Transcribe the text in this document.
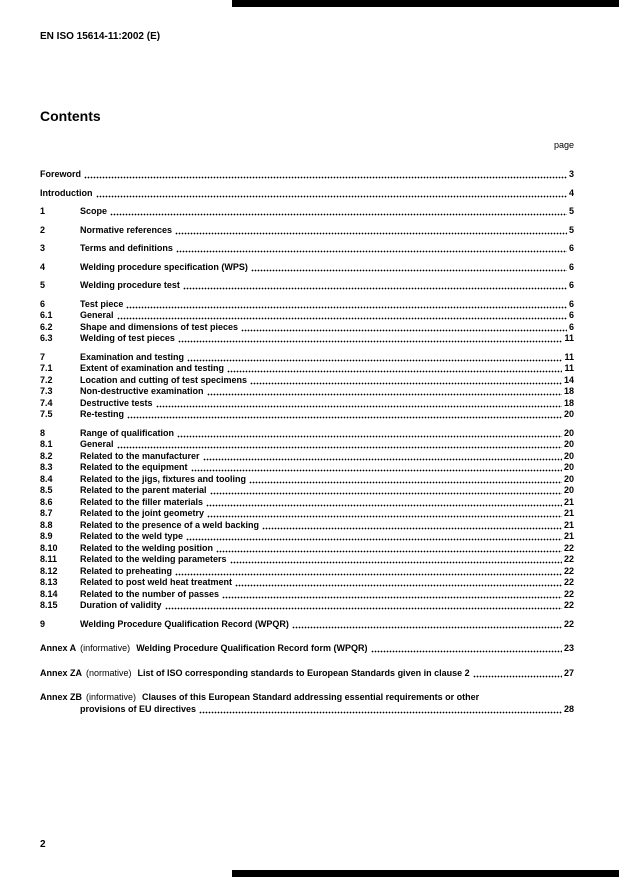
EN ISO 15614-11:2002 (E)
Contents
page
Foreword	3
Introduction	4
1	Scope	5
2	Normative references	5
3	Terms and definitions	6
4	Welding procedure specification (WPS)	6
5	Welding procedure test	6
6	Test piece	6
6.1	General	6
6.2	Shape and dimensions of test pieces	6
6.3	Welding of test pieces	11
7	Examination and testing	11
7.1	Extent of examination and testing	11
7.2	Location and cutting of test specimens	14
7.3	Non-destructive examination	18
7.4	Destructive tests	18
7.5	Re-testing	20
8	Range of qualification	20
8.1	General	20
8.2	Related to the manufacturer	20
8.3	Related to the equipment	20
8.4	Related to the jigs, fixtures and tooling	20
8.5	Related to the parent material	20
8.6	Related to the filler materials	21
8.7	Related to the joint geometry	21
8.8	Related to the presence of a weld backing	21
8.9	Related to the weld type	21
8.10	Related to the welding position	22
8.11	Related to the welding parameters	22
8.12	Related to preheating	22
8.13	Related to post weld heat treatment	22
8.14	Related to the number of passes	22
8.15	Duration of validity	22
9	Welding Procedure Qualification Record (WPQR)	22
Annex A (informative) Welding Procedure Qualification Record form (WPQR)	23
Annex ZA (normative) List of ISO corresponding standards to European Standards given in clause 2	27
Annex ZB (informative) Clauses of this European Standard addressing essential requirements or other
provisions of EU directives	28
2
